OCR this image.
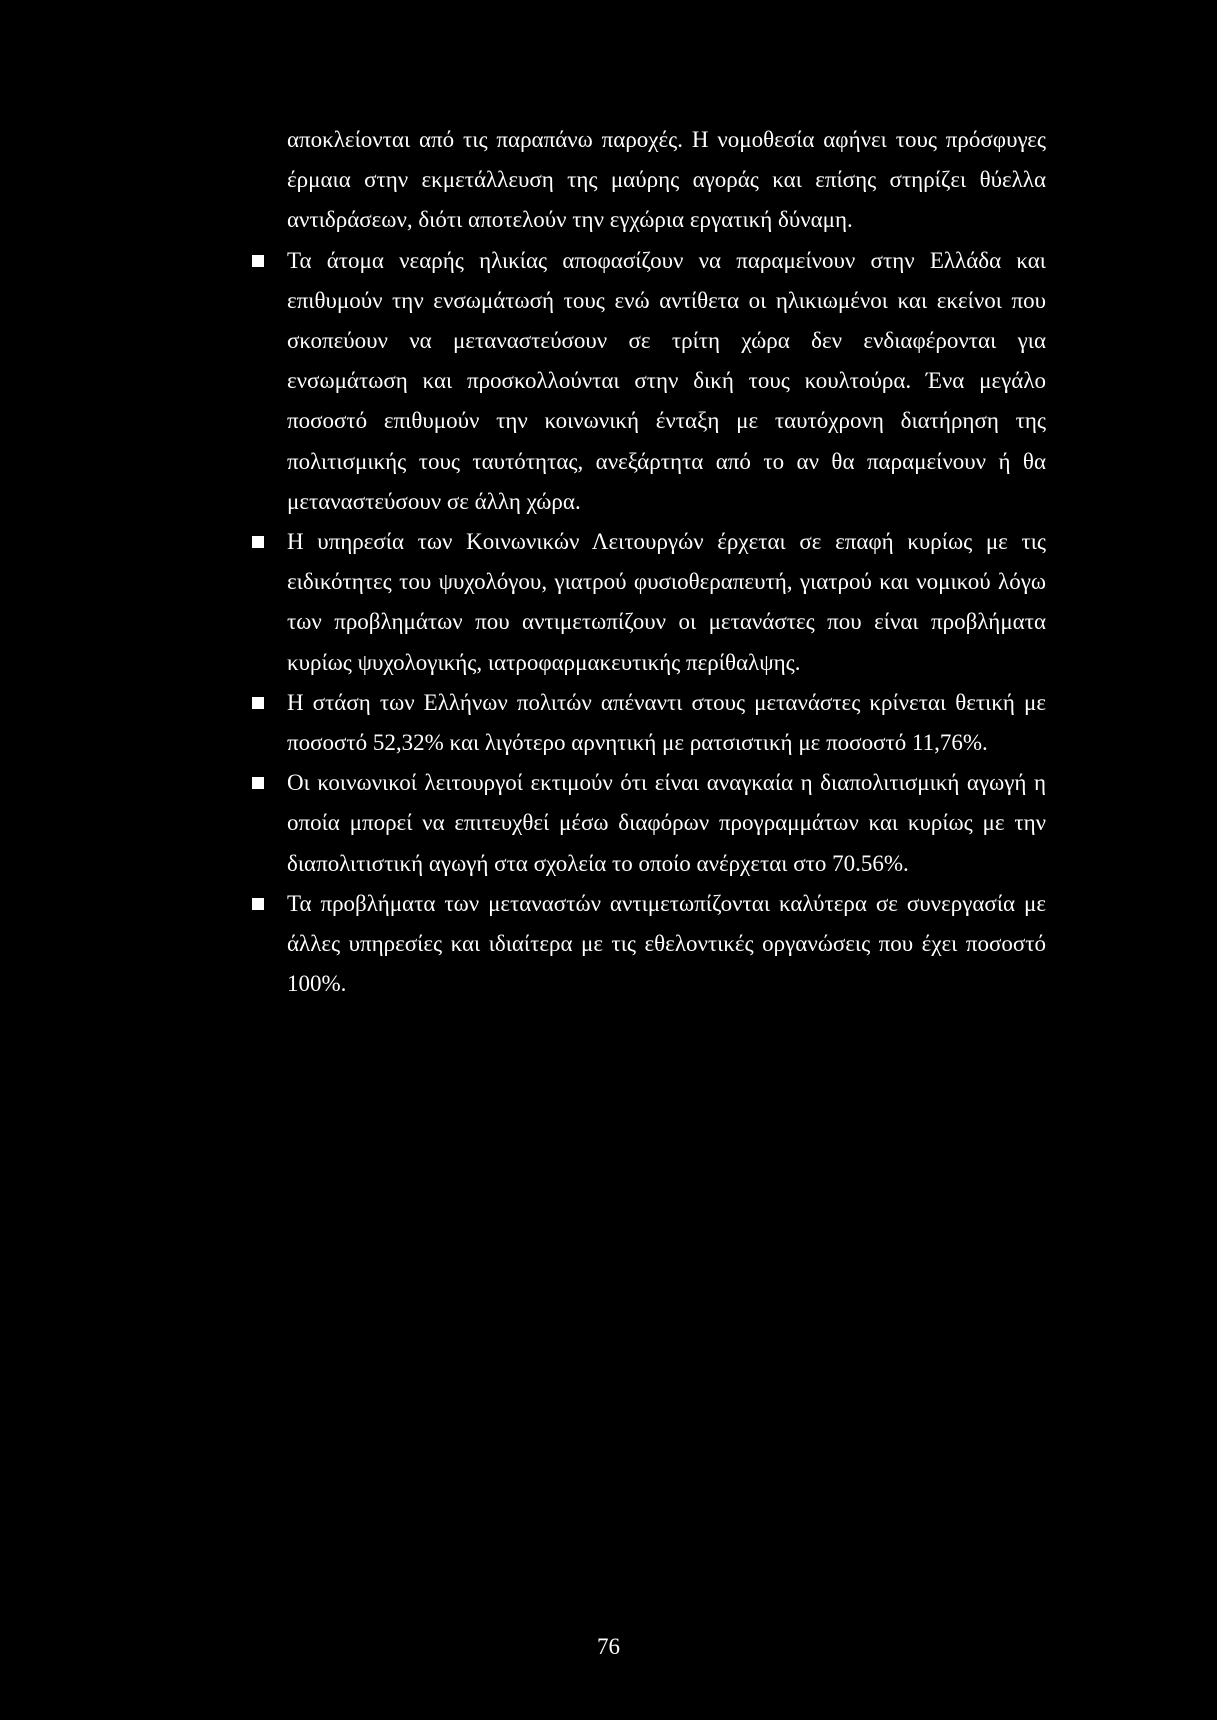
αποκλείονται από τις παραπάνω παροχές. Η νομοθεσία αφήνει τους πρόσφυγες έρμαια στην εκμετάλλευση της μαύρης αγοράς και επίσης στηρίζει θύελλα αντιδράσεων, διότι αποτελούν την εγχώρια εργατική δύναμη.

Τα άτομα νεαρής ηλικίας αποφασίζουν να παραμείνουν στην Ελλάδα και επιθυμούν την ενσωμάτωσή τους ενώ αντίθετα οι ηλικιωμένοι και εκείνοι που σκοπεύουν να μεταναστεύσουν σε τρίτη χώρα δεν ενδιαφέρονται για ενσωμάτωση και προσκολλούνται στην δική τους κουλτούρα. Ένα μεγάλο ποσοστό επιθυμούν την κοινωνική ένταξη με ταυτόχρονη διατήρηση της πολιτισμικής τους ταυτότητας, ανεξάρτητα από το αν θα παραμείνουν ή θα μεταναστεύσουν σε άλλη χώρα.
Η υπηρεσία των Κοινωνικών Λειτουργών έρχεται σε επαφή κυρίως με τις ειδικότητες του ψυχολόγου, γιατρού φυσιοθεραπευτή, γιατρού και νομικού λόγω των προβλημάτων που αντιμετωπίζουν οι μετανάστες που είναι προβλήματα κυρίως ψυχολογικής, ιατροφαρμακευτικής περίθαλψης.
Η στάση των Ελλήνων πολιτών απέναντι στους μετανάστες κρίνεται θετική με ποσοστό 52,32% και λιγότερο αρνητική με ρατσιστική με ποσοστό 11,76%.
Οι κοινωνικοί λειτουργοί εκτιμούν ότι είναι αναγκαία η διαπολιτισμική αγωγή η οποία μπορεί να επιτευχθεί μέσω διαφόρων προγραμμάτων και κυρίως με την διαπολιτιστική αγωγή στα σχολεία το οποίο ανέρχεται στο 70.56%.
Τα προβλήματα των μεταναστών αντιμετωπίζονται καλύτερα σε συνεργασία με άλλες υπηρεσίες και ιδιαίτερα με τις εθελοντικές οργανώσεις που έχει ποσοστό 100%.
76
